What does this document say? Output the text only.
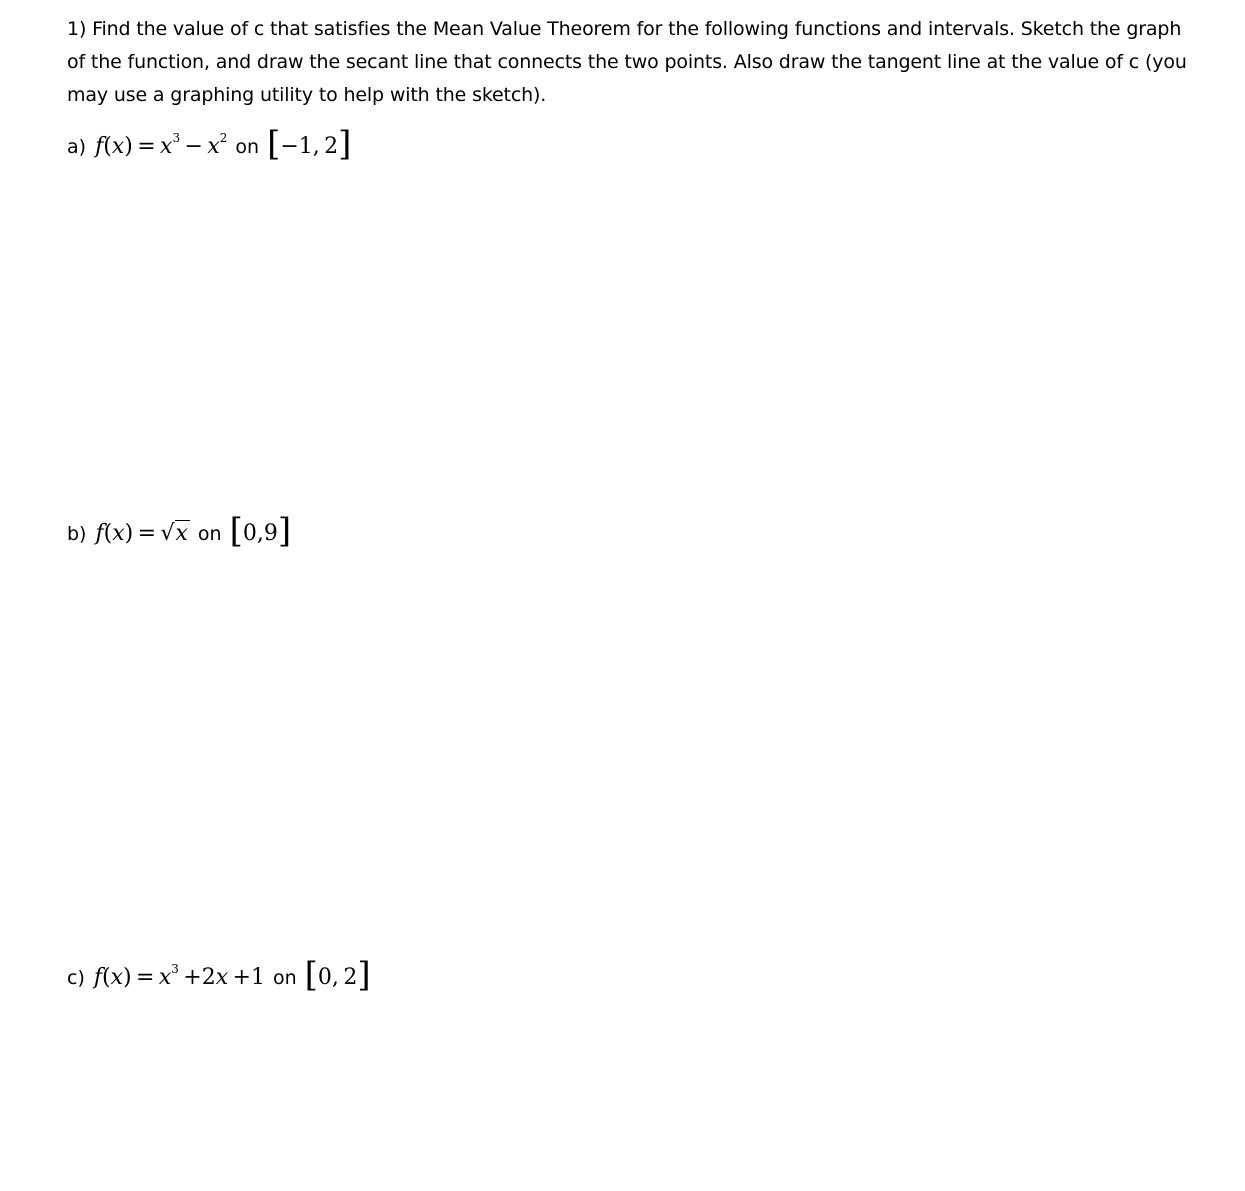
1) Find the value of c that satisfies the Mean Value Theorem for the following functions and intervals. Sketch the graph of the function, and draw the secant line that connects the two points. Also draw the tangent line at the value of c (you may use a graphing utility to help with the sketch).

a) $f(x) = x^3 - x^2$ on [−1, 2]
b) f(x) = √x on [0,9]
c) $f(x) = x^3 +2x +1$ on [0, 2]
